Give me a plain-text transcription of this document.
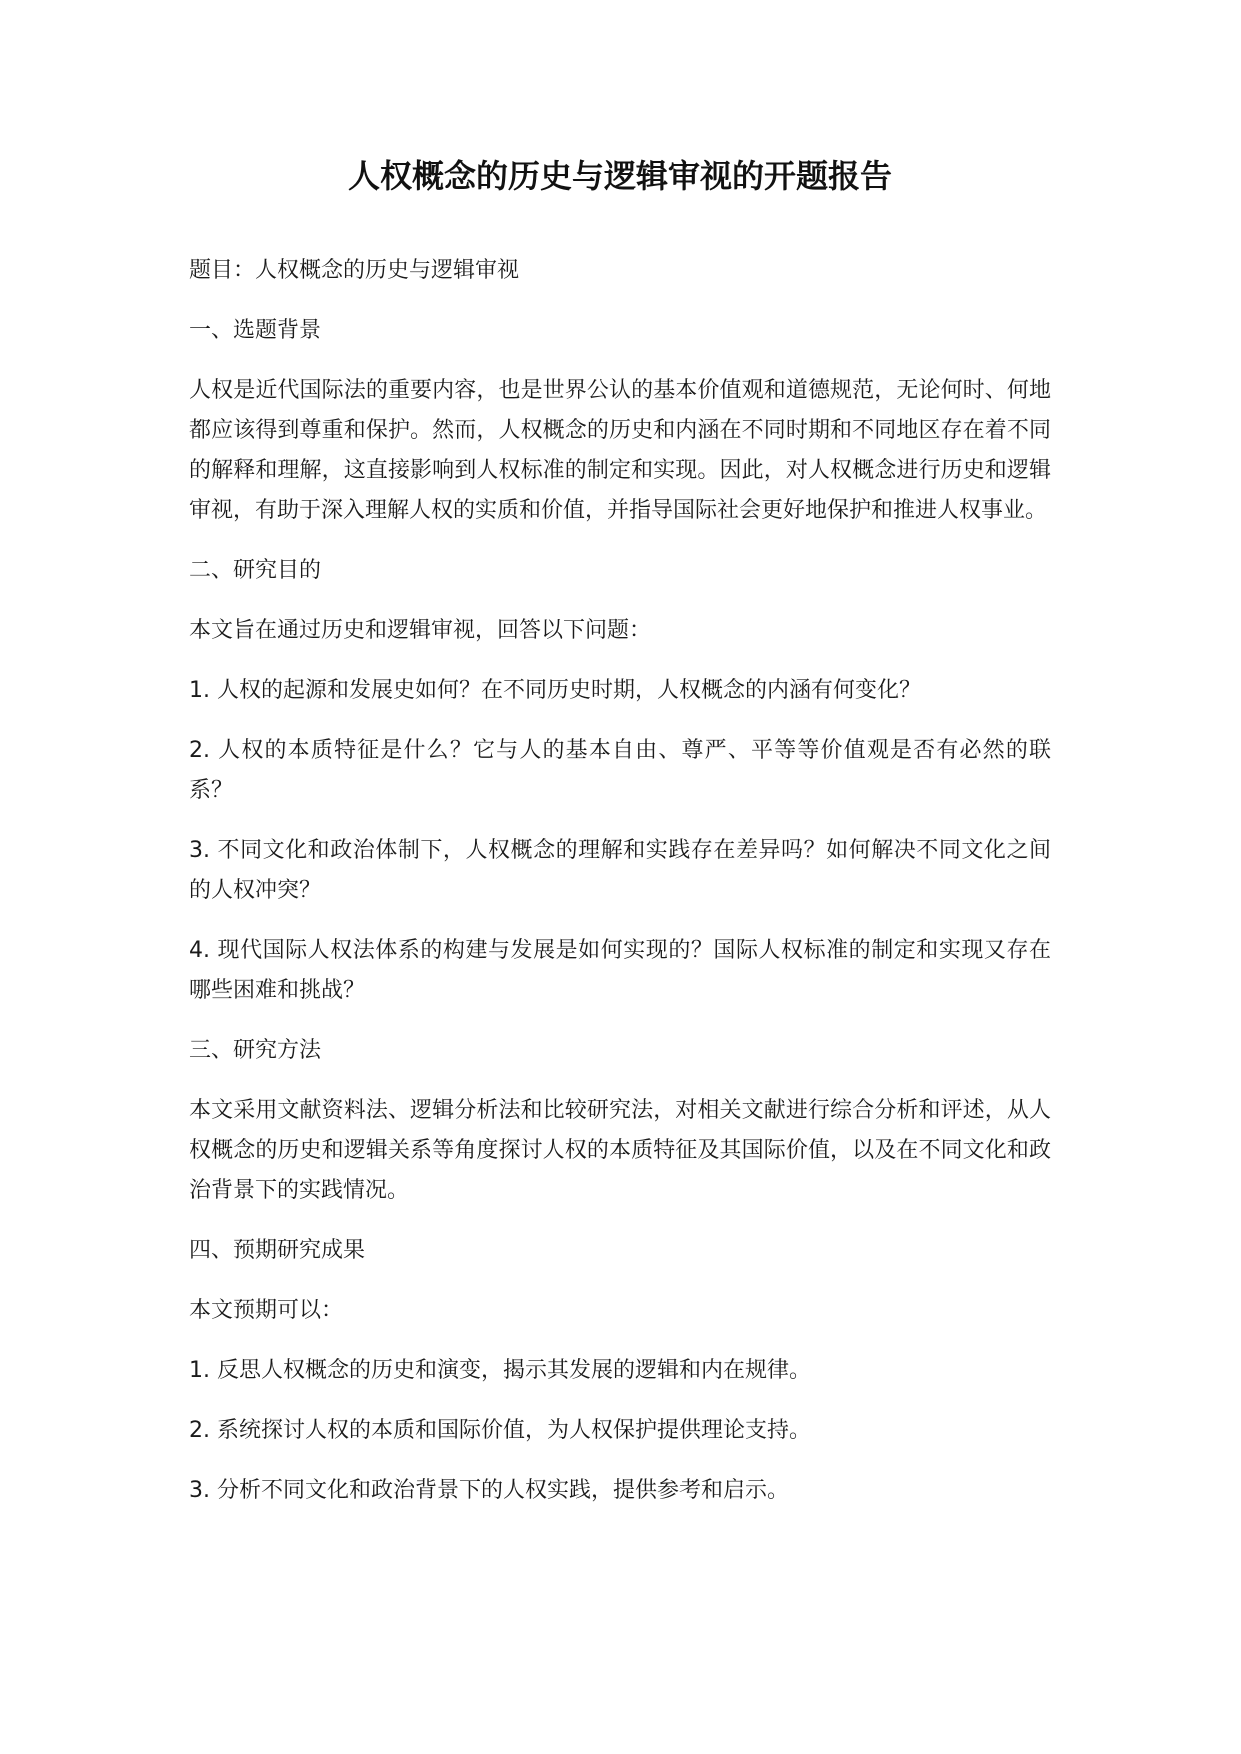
人权概念的历史与逻辑审视的开题报告

题目：人权概念的历史与逻辑审视

一、选题背景

人权是近代国际法的重要内容，也是世界公认的基本价值观和道德规范，无论何时、何地都应该得到尊重和保护。然而，人权概念的历史和内涵在不同时期和不同地区存在着不同的解释和理解，这直接影响到人权标准的制定和实现。因此，对人权概念进行历史和逻辑审视，有助于深入理解人权的实质和价值，并指导国际社会更好地保护和推进人权事业。

二、研究目的

本文旨在通过历史和逻辑审视，回答以下问题：

1. 人权的起源和发展史如何？在不同历史时期，人权概念的内涵有何变化？

2. 人权的本质特征是什么？它与人的基本自由、尊严、平等等价值观是否有必然的联系？

3. 不同文化和政治体制下，人权概念的理解和实践存在差异吗？如何解决不同文化之间的人权冲突？

4. 现代国际人权法体系的构建与发展是如何实现的？国际人权标准的制定和实现又存在哪些困难和挑战？

三、研究方法

本文采用文献资料法、逻辑分析法和比较研究法，对相关文献进行综合分析和评述，从人权概念的历史和逻辑关系等角度探讨人权的本质特征及其国际价值，以及在不同文化和政治背景下的实践情况。

四、预期研究成果

本文预期可以：

1. 反思人权概念的历史和演变，揭示其发展的逻辑和内在规律。

2. 系统探讨人权的本质和国际价值，为人权保护提供理论支持。

3. 分析不同文化和政治背景下的人权实践，提供参考和启示。
